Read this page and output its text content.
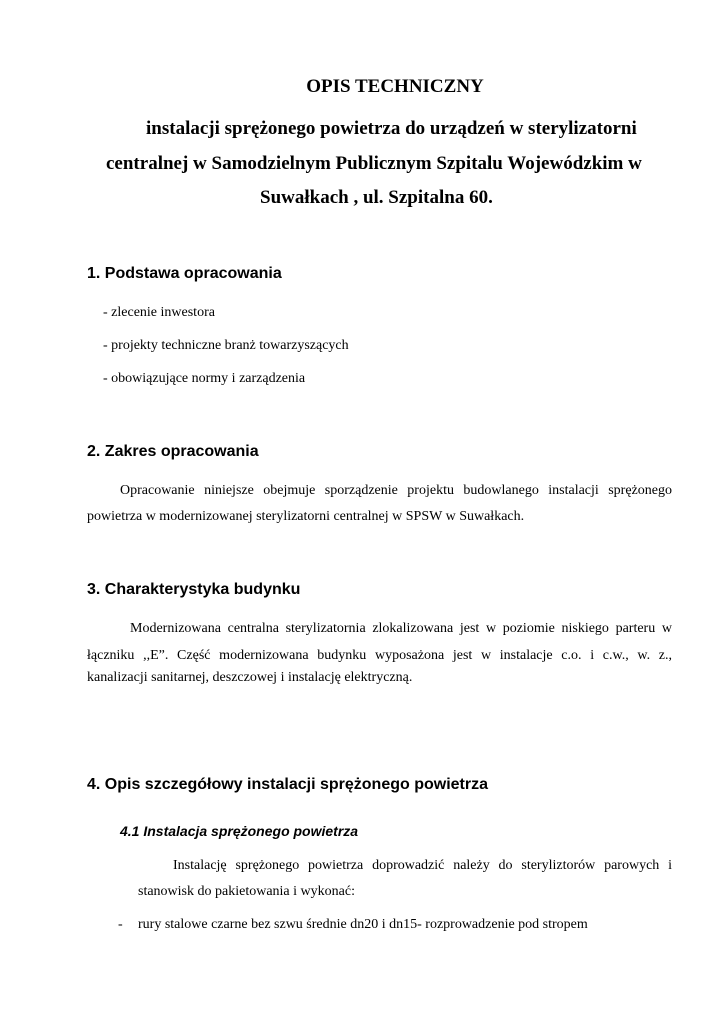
OPIS TECHNICZNY
instalacji sprężonego powietrza do urządzeń w sterylizatorni
centralnej w Samodzielnym Publicznym Szpitalu Wojewódzkim w
Suwałkach , ul. Szpitalna 60.
1. Podstawa opracowania
- zlecenie inwestora
- projekty techniczne branż towarzyszących
- obowiązujące normy i zarządzenia
2. Zakres opracowania
Opracowanie niniejsze obejmuje sporządzenie projektu budowlanego instalacji sprężonego
powietrza w modernizowanej sterylizatorni centralnej w SPSW w Suwałkach.
3. Charakterystyka budynku
Modernizowana centralna sterylizatornia zlokalizowana jest w poziomie niskiego parteru w
łączniku ,,E”. Część modernizowana budynku wyposażona jest w instalacje c.o. i c.w., w. z.,
kanalizacji sanitarnej, deszczowej i instalację elektryczną.
4. Opis szczegółowy instalacji sprężonego powietrza
4.1 Instalacja sprężonego powietrza
Instalację sprężonego powietrza doprowadzić należy do steryliztorów parowych i
stanowisk do pakietowania i wykonać:
- rury stalowe czarne bez szwu średnie dn20 i dn15- rozprowadzenie pod stropem
